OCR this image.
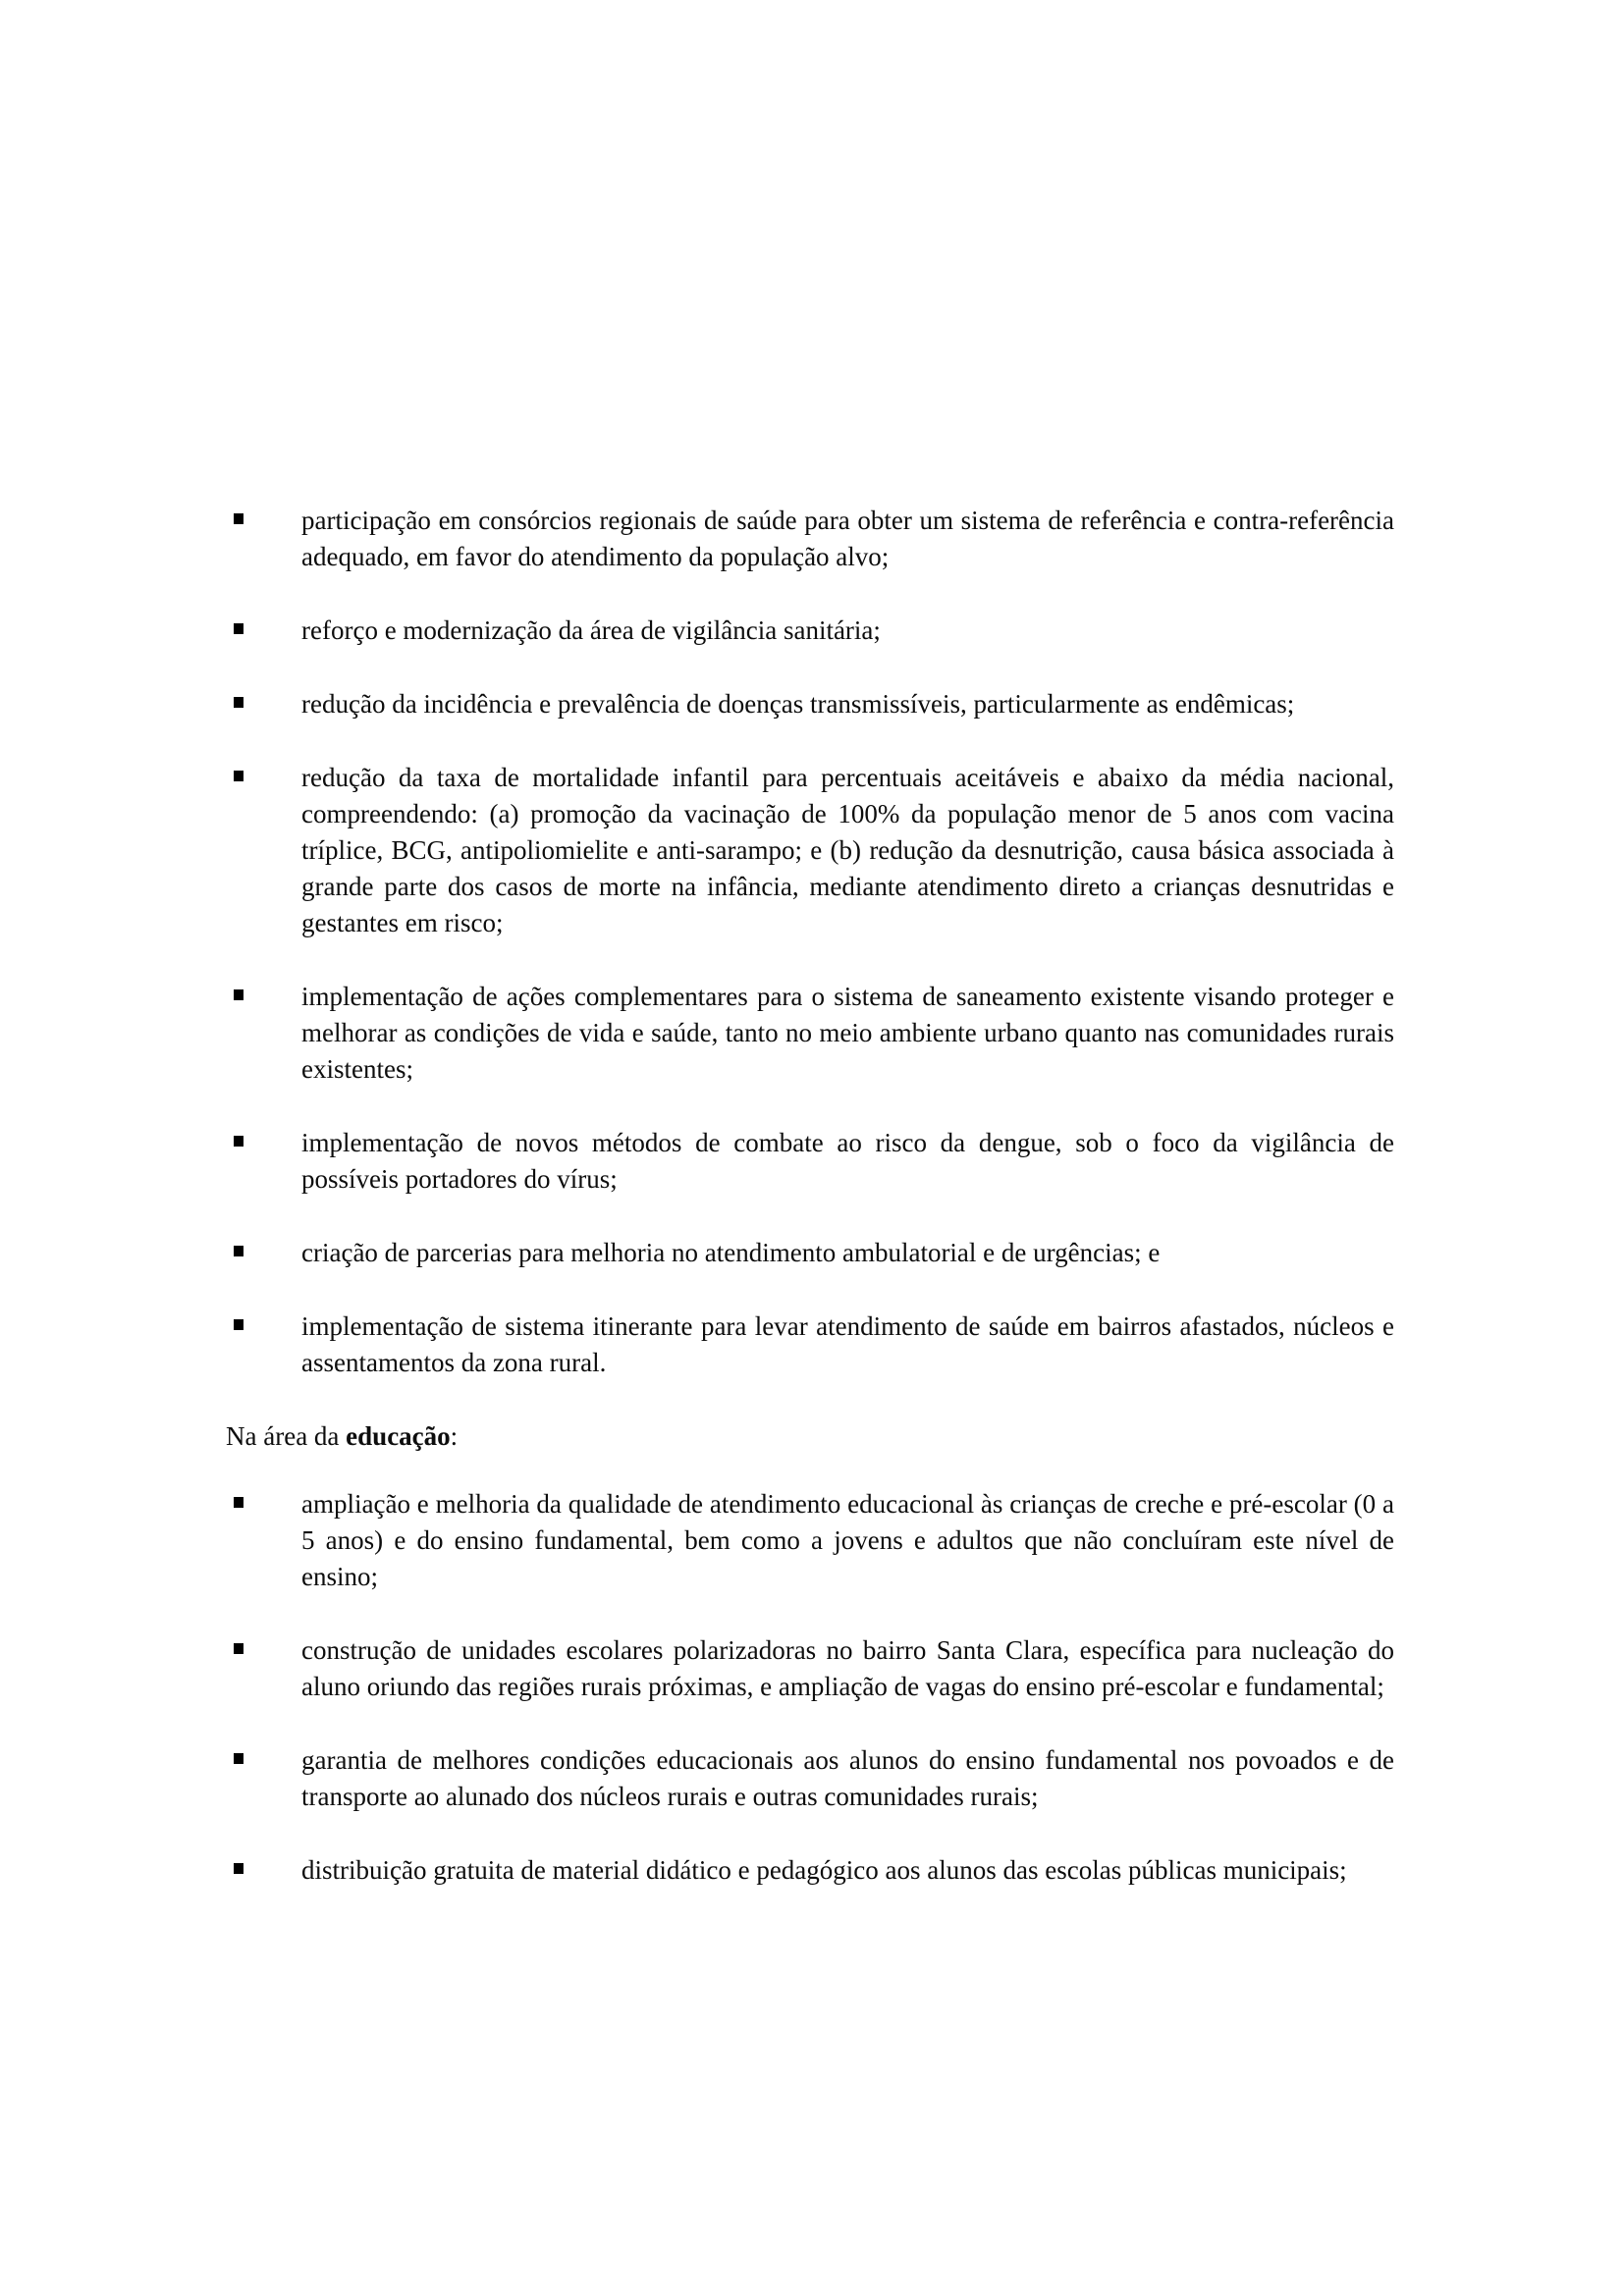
participação em consórcios regionais de saúde para obter um sistema de referência e contra-referência adequado, em favor do atendimento da população alvo;
reforço e modernização da área de vigilância sanitária;
redução da incidência e prevalência de doenças transmissíveis, particularmente as endêmicas;
redução da taxa de mortalidade infantil para percentuais aceitáveis e abaixo da média nacional, compreendendo: (a) promoção da vacinação de 100% da população menor de 5 anos com vacina tríplice, BCG, antipoliomielite e anti-sarampo; e (b) redução da desnutrição, causa básica associada à grande parte dos casos de morte na infância, mediante atendimento direto a crianças desnutridas e gestantes em risco;
implementação de ações complementares para o sistema de saneamento existente visando proteger e melhorar as condições de vida e saúde, tanto no meio ambiente urbano quanto nas comunidades rurais existentes;
implementação de novos métodos de combate ao risco da dengue, sob o foco da vigilância de possíveis portadores do vírus;
criação de parcerias para melhoria no atendimento ambulatorial e de urgências; e
implementação de sistema itinerante para levar atendimento de saúde em bairros afastados, núcleos e assentamentos da zona rural.

Na área da educação:

ampliação e melhoria da qualidade de atendimento educacional às crianças de creche e pré-escolar (0 a 5 anos) e do ensino fundamental, bem como a jovens e adultos que não concluíram este nível de ensino;
construção de unidades escolares polarizadoras no bairro Santa Clara, específica para nucleação do aluno oriundo das regiões rurais próximas, e ampliação de vagas do ensino pré-escolar e fundamental;
garantia de melhores condições educacionais aos alunos do ensino fundamental nos povoados e de transporte ao alunado dos núcleos rurais e outras comunidades rurais;
distribuição gratuita de material didático e pedagógico aos alunos das escolas públicas municipais;
